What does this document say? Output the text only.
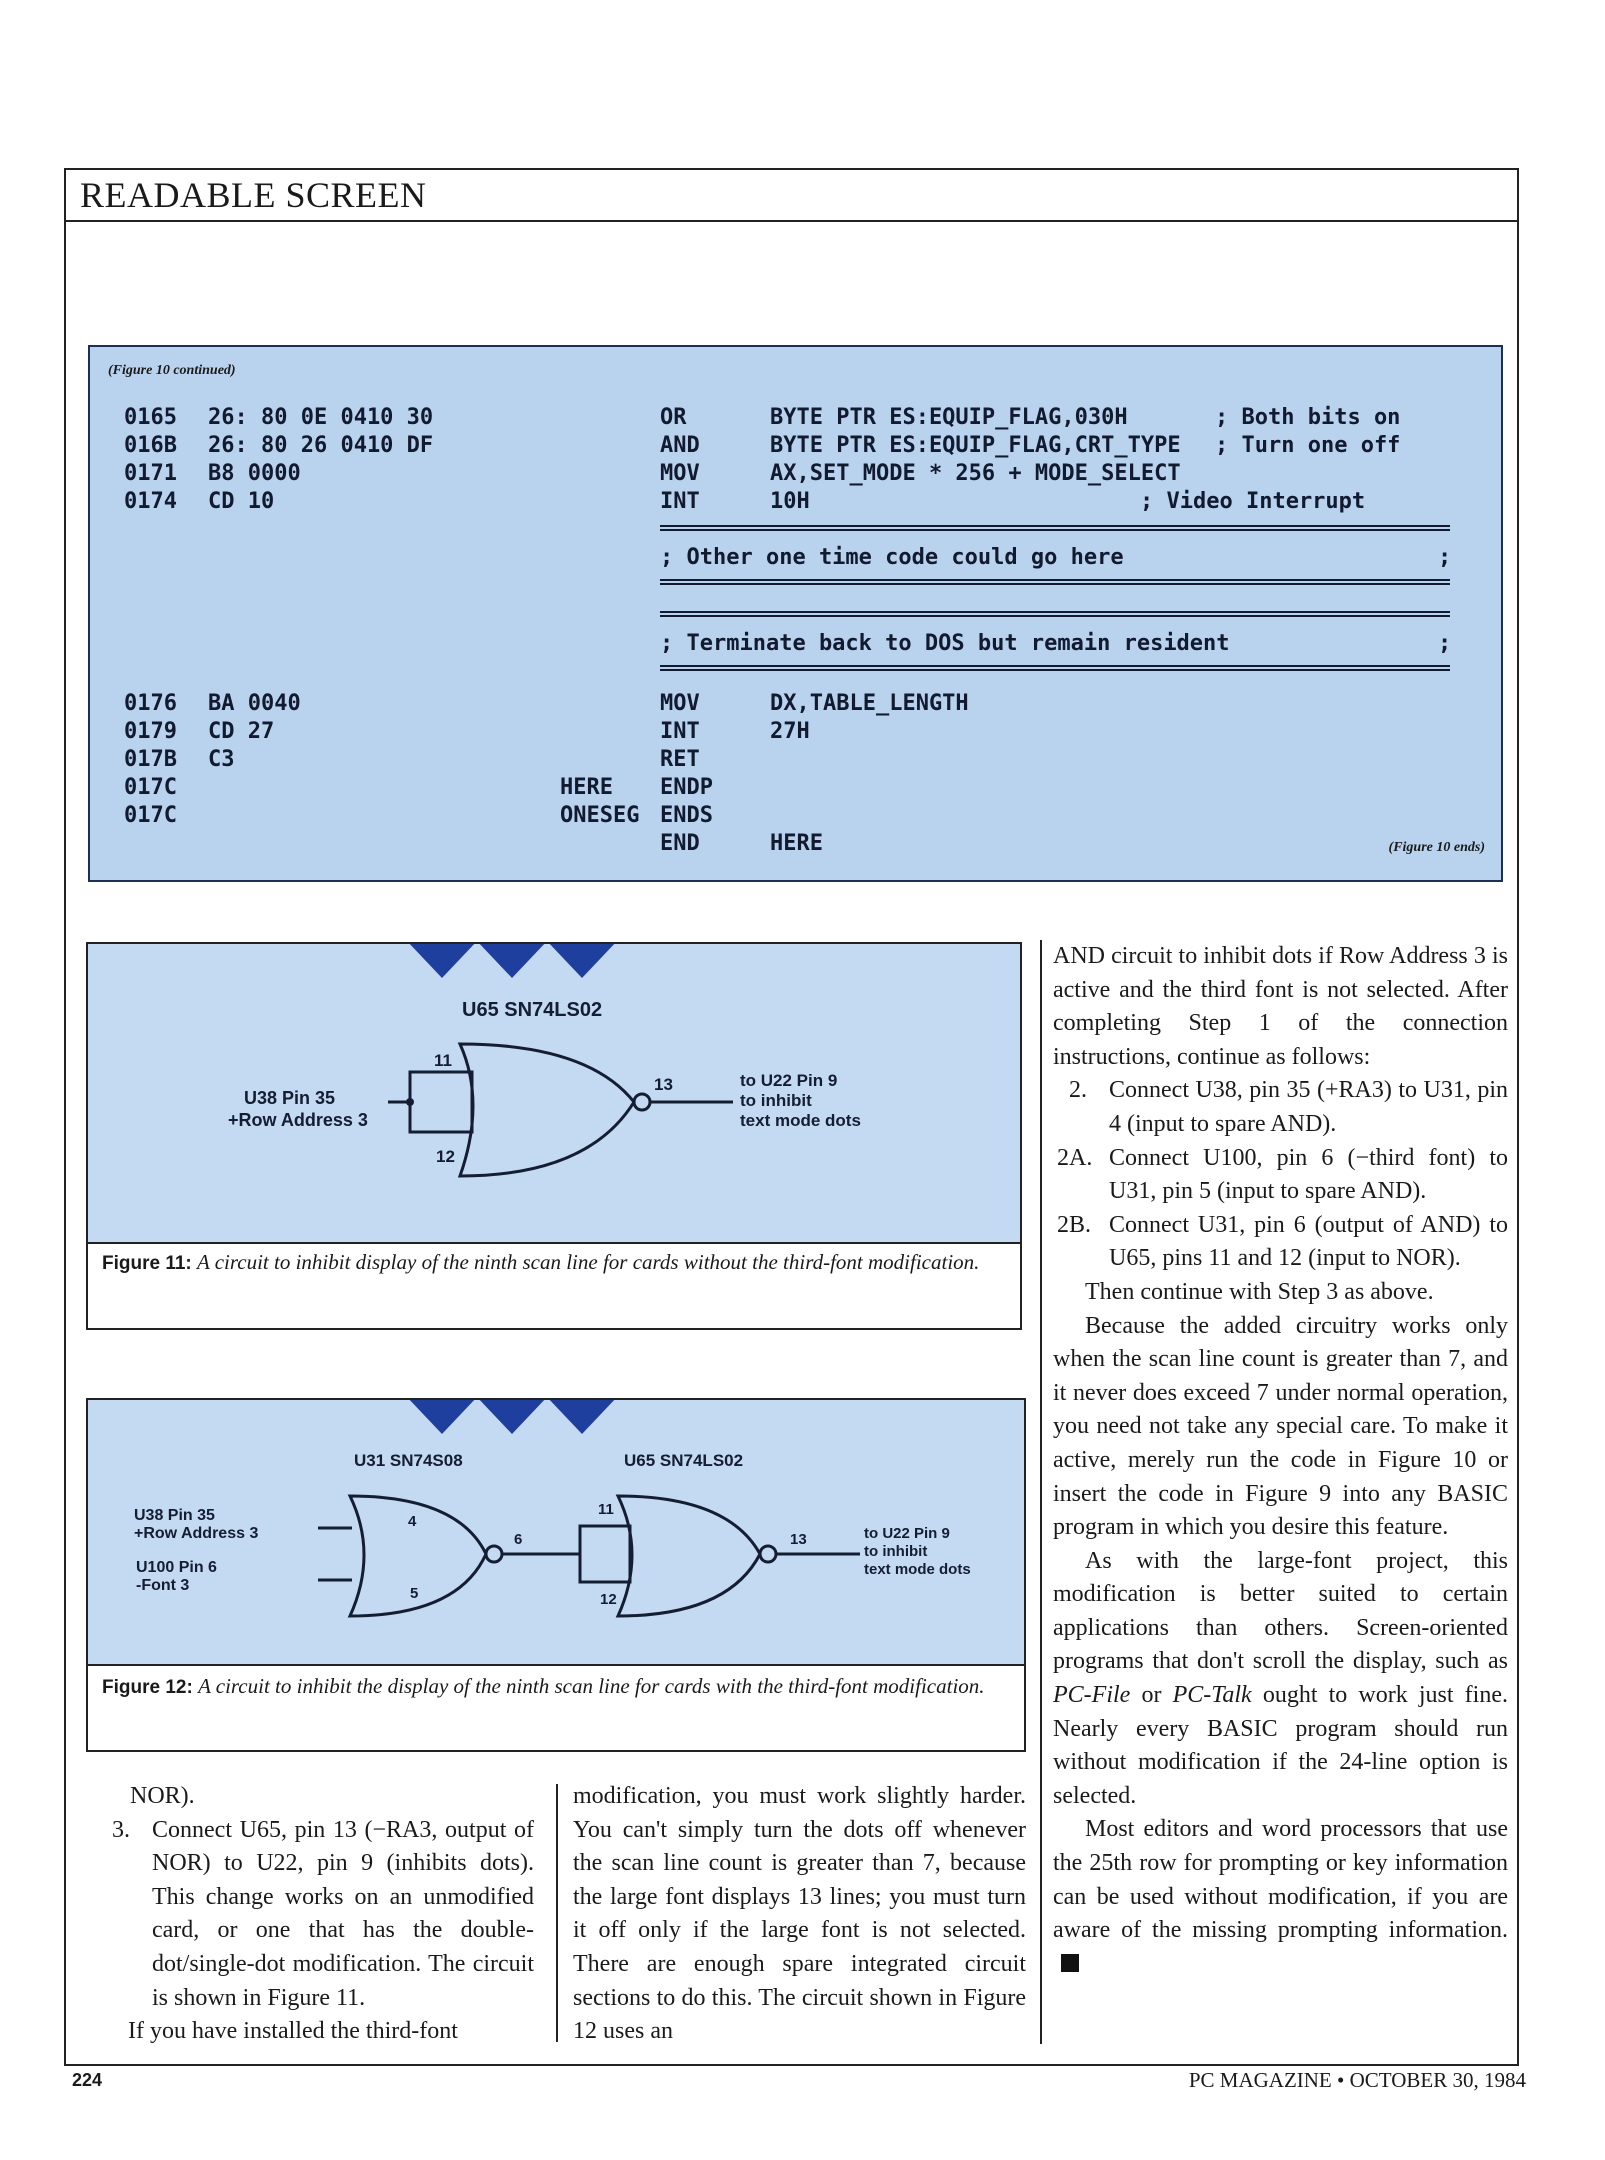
READABLE SCREEN
(Figure 10 continued)
0165 26: 80 0E 0410 30	OR	BYTE PTR ES:EQUIP_FLAG,030H	; Both bits on
016B 26: 80 26 0410 DF	AND	BYTE PTR ES:EQUIP_FLAG,CRT_TYPE ; Turn one off
0171 B8 0000	MOV	AX,SET_MODE * 256 + MODE_SELECT
0174 CD 10	INT	10H	; Video Interrupt
; Other one time code could go here	;
; Terminate back to DOS but remain resident	;
0176 BA 0040	MOV	DX,TABLE_LENGTH
0179 CD 27	INT	27H
017B C3	RET
017C	HERE ENDP
017C	ONESEG ENDS
END	HERE	(Figure 10 ends)
U65 SN74LS02
U38 Pin 35
+Row Address 3
11
12
13	to U22 Pin 9
to inhibit
text mode dots
Figure 11: A circuit to inhibit display of the ninth scan line for cards without the third-font modification.
U31 SN74S08	U65 SN74LS02
U38 Pin 35
+Row Address 3
U100 Pin 6
-Font 3
4
5
6
11
12
13	to U22 Pin 9
to inhibit
text mode dots
Figure 12: A circuit to inhibit the display of the ninth scan line for cards with the third-font modification.

NOR).

3. Connect U65, pin 13 (−RA3, output of NOR) to U22, pin 9 (inhibits dots). This change works on an unmodified card, or one that has the double-dot/single-dot modification. The circuit is shown in Figure 11.

If you have installed the third-font

modification, you must work slightly harder. You can't simply turn the dots off whenever the scan line count is greater than 7, because the large font displays 13 lines; you must turn it off only if the large font is not selected. There are enough spare integrated circuit sections to do this. The circuit shown in Figure 12 uses an

AND circuit to inhibit dots if Row Address 3 is active and the third font is not selected. After completing Step 1 of the connection instructions, continue as follows:

2. Connect U38, pin 35 (+RA3) to U31, pin 4 (input to spare AND).

2A. Connect U100, pin 6 (−third font) to U31, pin 5 (input to spare AND).

2B. Connect U31, pin 6 (output of AND) to U65, pins 11 and 12 (input to NOR).

Then continue with Step 3 as above.

Because the added circuitry works only when the scan line count is greater than 7, and it never does exceed 7 under normal operation, you need not take any special care. To make it active, merely run the code in Figure 10 or insert the code in Figure 9 into any BASIC program in which you desire this feature.

As with the large-font project, this modification is better suited to certain applications than others. Screen-oriented programs that don't scroll the display, such as PC-File or PC-Talk ought to work just fine. Nearly every BASIC program should run without modification if the 24-line option is selected.

Most editors and word processors that use the 25th row for prompting or key information can be used without modification, if you are aware of the missing prompting information.

224	PC MAGAZINE • OCTOBER 30, 1984
